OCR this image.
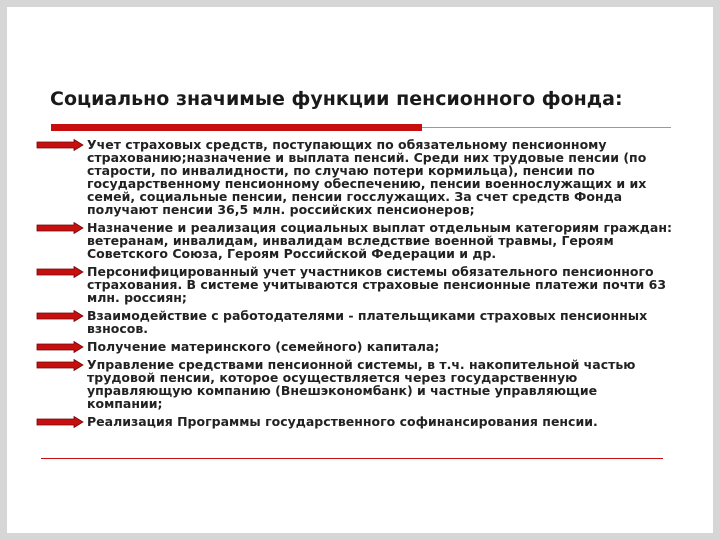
Социально значимые функции пенсионного фонда:
Учет страховых средств, поступающих по обязательному пенсионному страхованию;назначение и выплата пенсий. Среди них трудовые пенсии (по старости, по инвалидности, по случаю потери кормильца), пенсии по государственному пенсионному обеспечению, пенсии военнослужащих и их семей, социальные пенсии, пенсии госслужащих. За счет средств Фонда получают пенсии 36,5 млн. российских пенсионеров;
Назначение и реализация социальных выплат отдельным категориям граждан: ветеранам, инвалидам, инвалидам вследствие военной травмы, Героям Советского Союза, Героям Российской Федерации и др.
Персонифицированный учет участников системы обязательного пенсионного страхования. В системе учитываются страховые пенсионные платежи почти 63 млн. россиян;
Взаимодействие с работодателями - плательщиками страховых пенсионных взносов.
Получение материнского (семейного) капитала;
Управление средствами пенсионной системы, в т.ч. накопительной частью трудовой пенсии, которое осуществляется через государственную управляющую компанию (Внешэкономбанк) и частные управляющие компании;
Реализация Программы государственного софинансирования пенсии.
